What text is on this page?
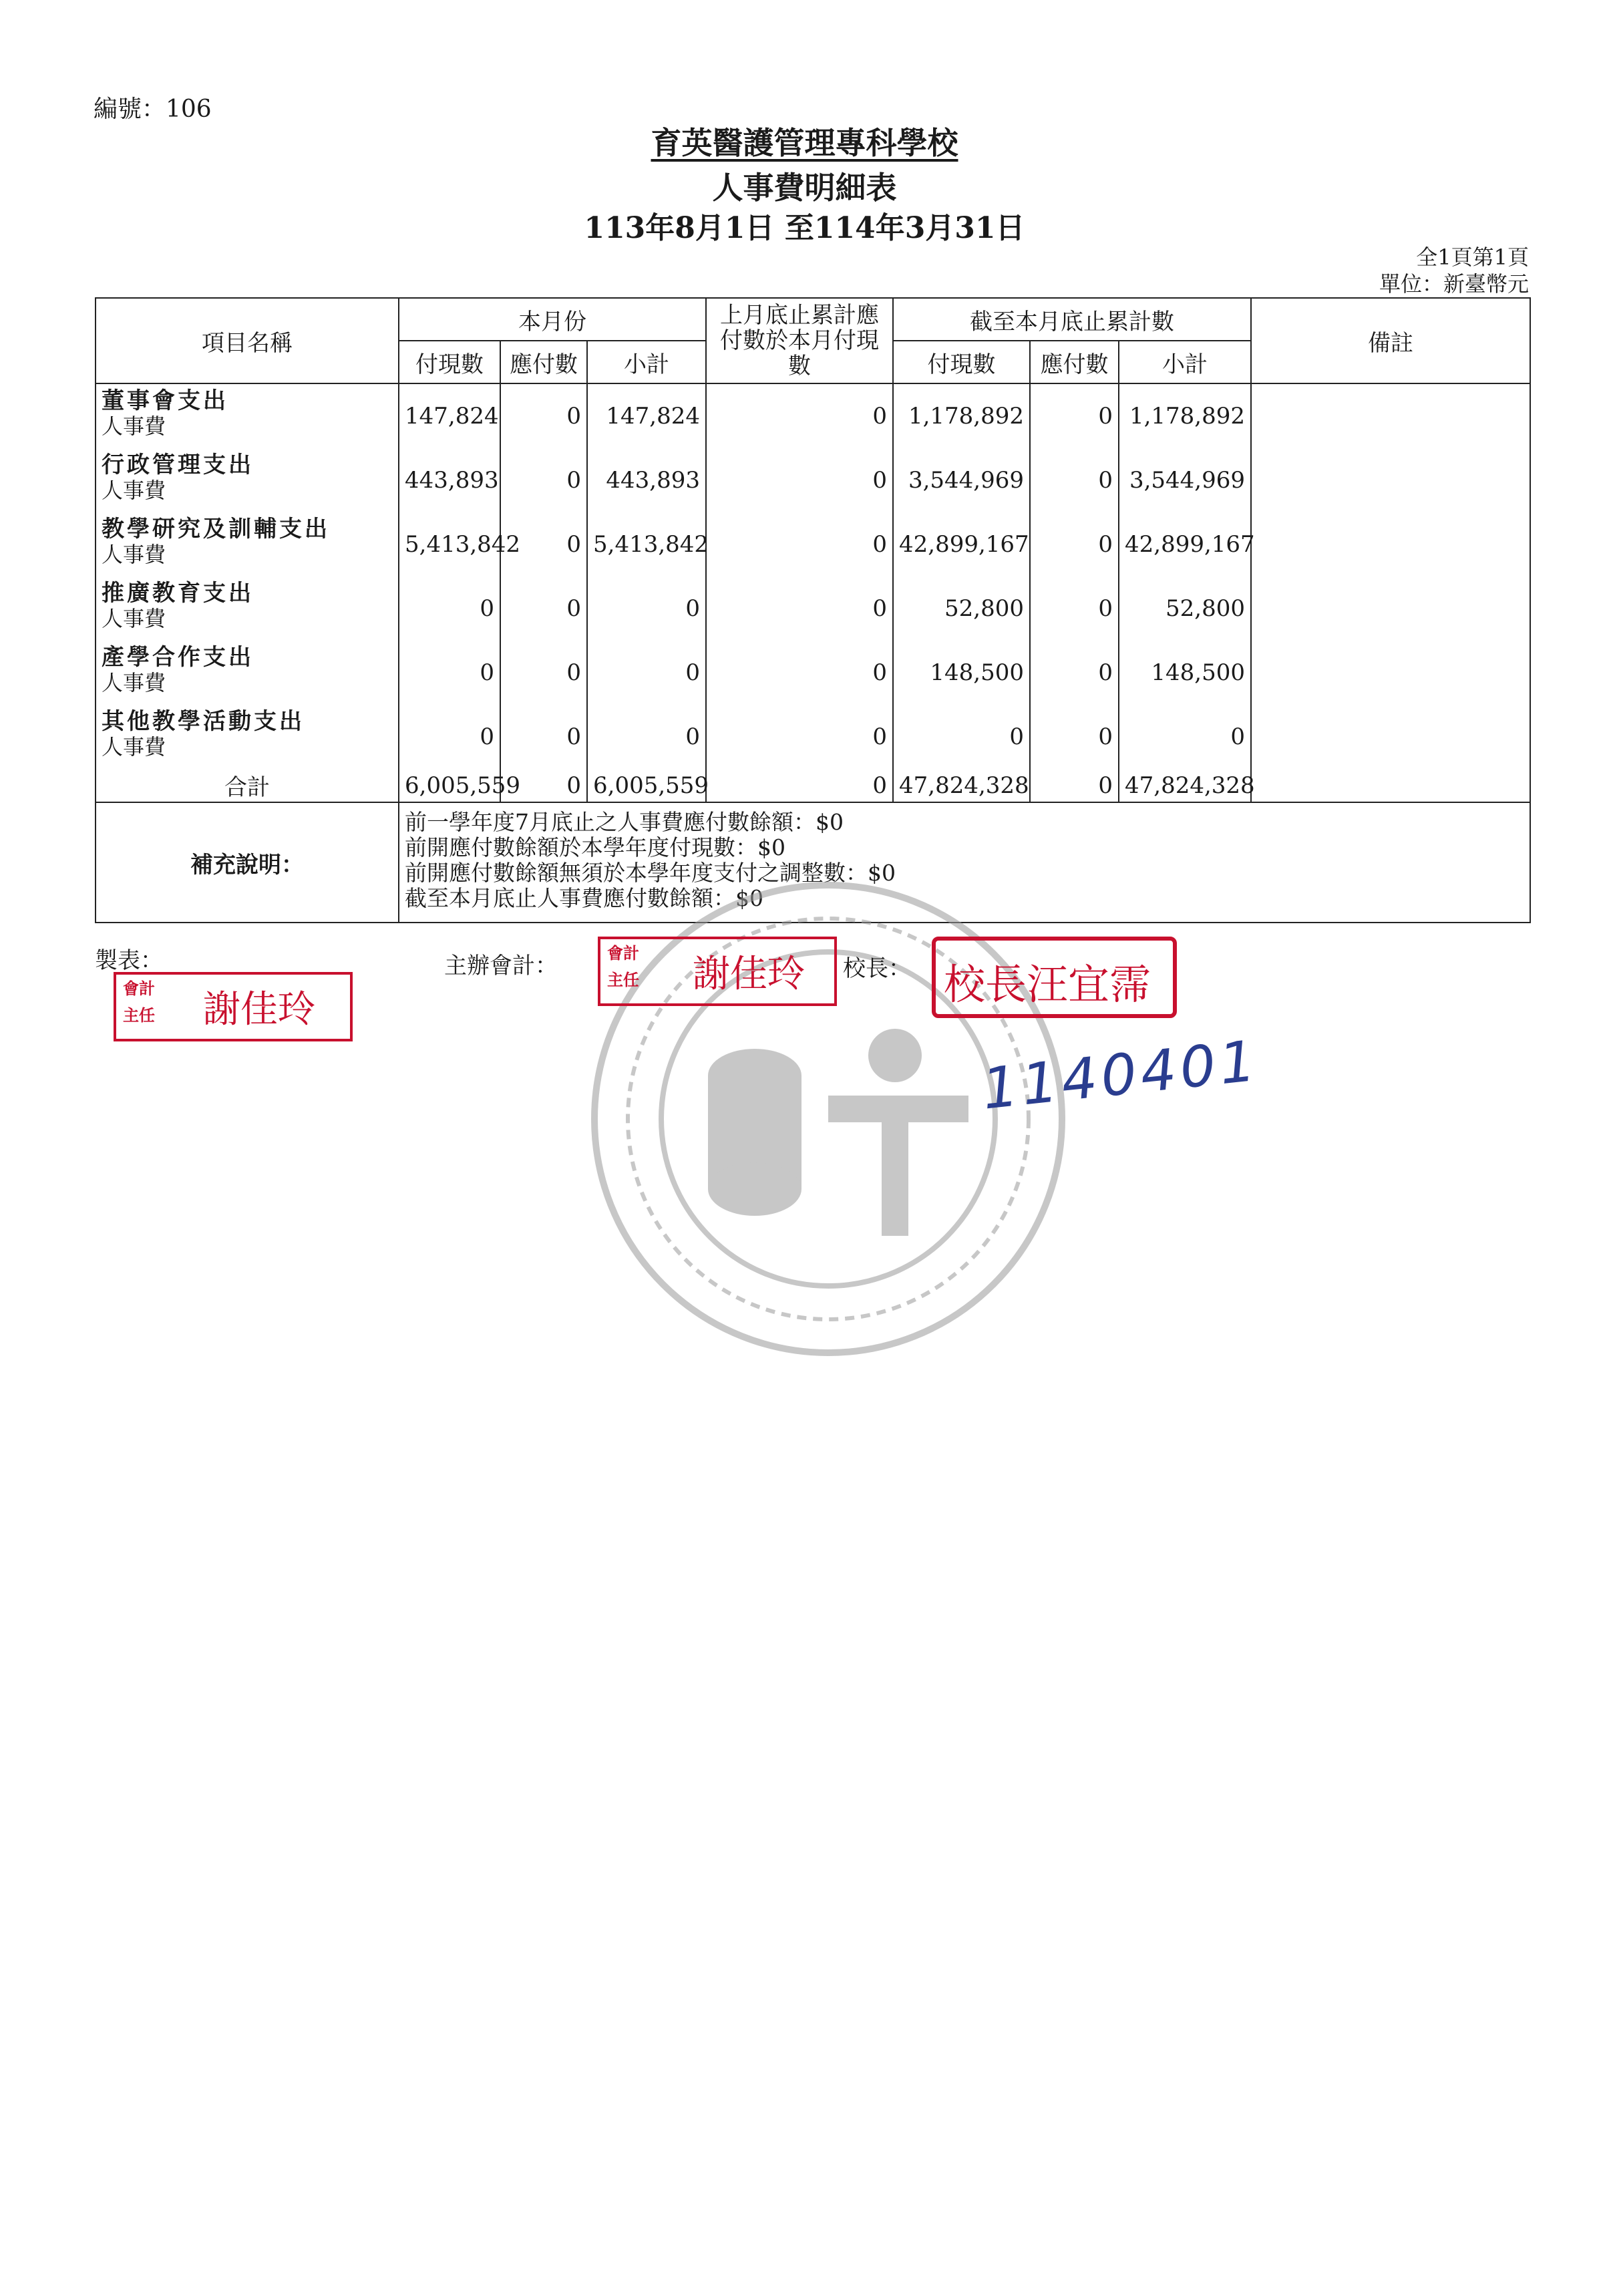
編號：106
育英醫護管理專科學校
人事費明細表
113年8月1日 至114年3月31日
全1頁第1頁
單位：新臺幣元
項目名稱	本月份			上月底止累計應付數於本月付現數	截至本月底止累計數			備註
	付現數	應付數	小計		付現數	應付數	小計	

董事會支出
人事費	147,824	0	147,824	0	1,178,892	0	1,178,892	

行政管理支出
人事費	443,893	0	443,893	0	3,544,969	0	3,544,969	

教學研究及訓輔支出
人事費	5,413,842	0	5,413,842	0	42,899,167	0	42,899,167	

推廣教育支出
人事費	0	0	0	0	52,800	0	52,800	

產學合作支出
人事費	0	0	0	0	148,500	0	148,500	

其他教學活動支出
人事費	0	0	0	0	0	0	0	
合計	6,005,559	0	6,005,559	0	47,824,328	0	47,824,328	
補充說明：	前一學年度7月底止之人事費應付數餘額：$0
前開應付數餘額於本學年度付現數：$0
前開應付數餘額無須於本學年度支付之調整數：$0
截至本月底止人事費應付數餘額：$0							
製表：	主辦會計：	校長：
會計
主任 謝佳玲
會計
主任 謝佳玲	校長汪宜霈
1140401
